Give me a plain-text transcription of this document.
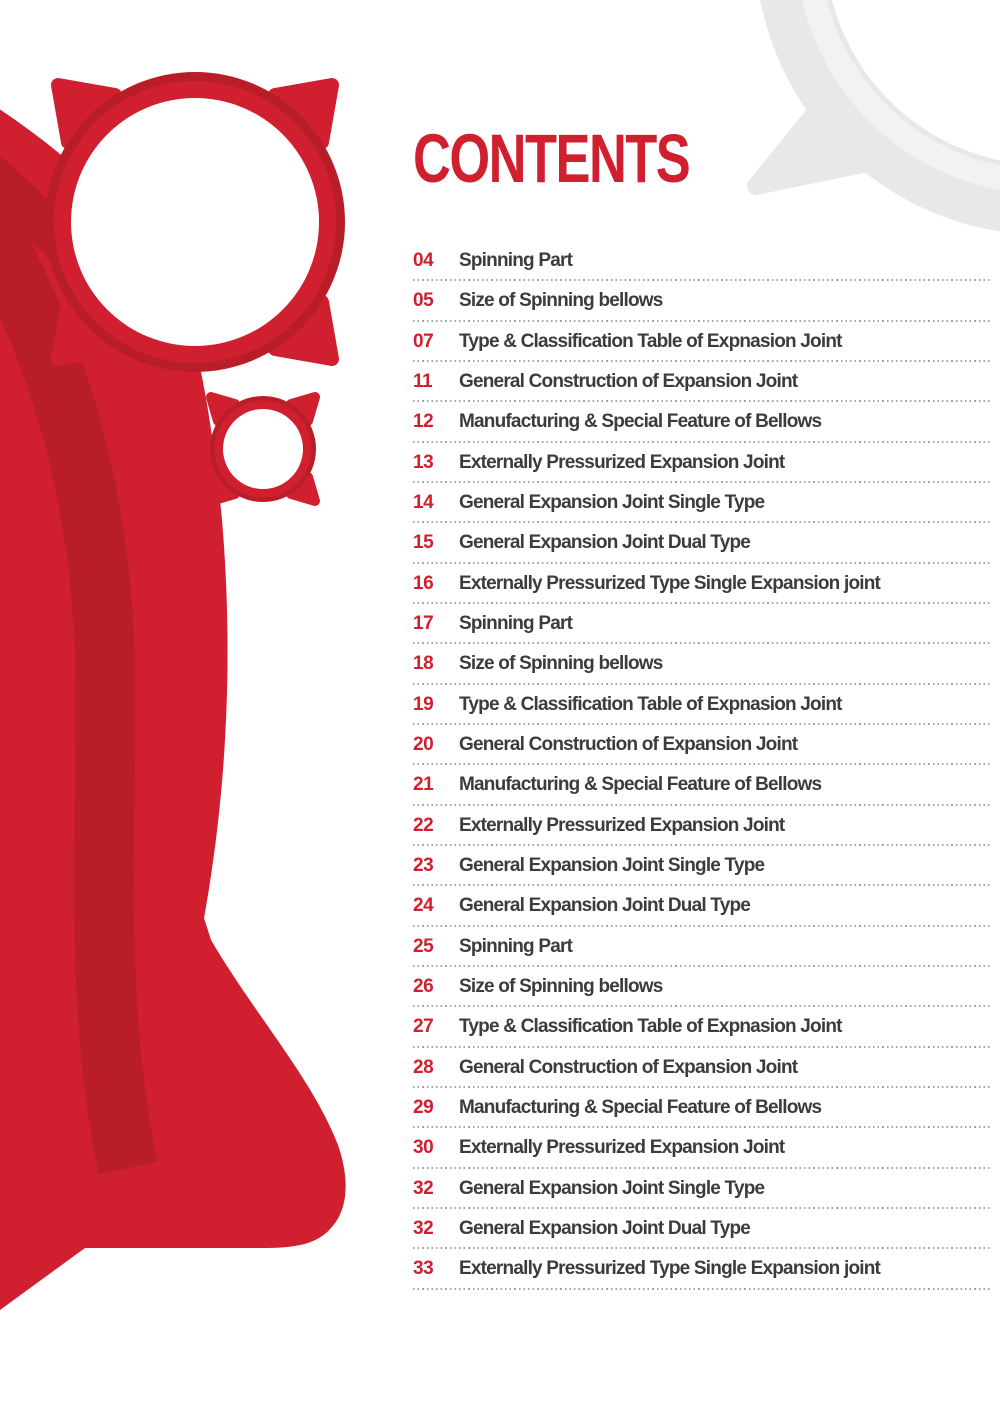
CONTENTS
04	Spinning Part
05	Size of Spinning bellows
07	Type & Classification Table of Expnasion Joint
11	General Construction of Expansion Joint
12	Manufacturing & Special Feature of Bellows
13	Externally Pressurized Expansion Joint
14	General Expansion Joint Single Type
15	General Expansion Joint Dual Type
16	Externally Pressurized Type Single Expansion joint
17	Spinning Part
18	Size of Spinning bellows
19	Type & Classification Table of Expnasion Joint
20	General Construction of Expansion Joint
21	Manufacturing & Special Feature of Bellows
22	Externally Pressurized Expansion Joint
23	General Expansion Joint Single Type
24	General Expansion Joint Dual Type
25	Spinning Part
26	Size of Spinning bellows
27	Type & Classification Table of Expnasion Joint
28	General Construction of Expansion Joint
29	Manufacturing & Special Feature of Bellows
30	Externally Pressurized Expansion Joint
32	General Expansion Joint Single Type
32	General Expansion Joint Dual Type
33	Externally Pressurized Type Single Expansion joint
